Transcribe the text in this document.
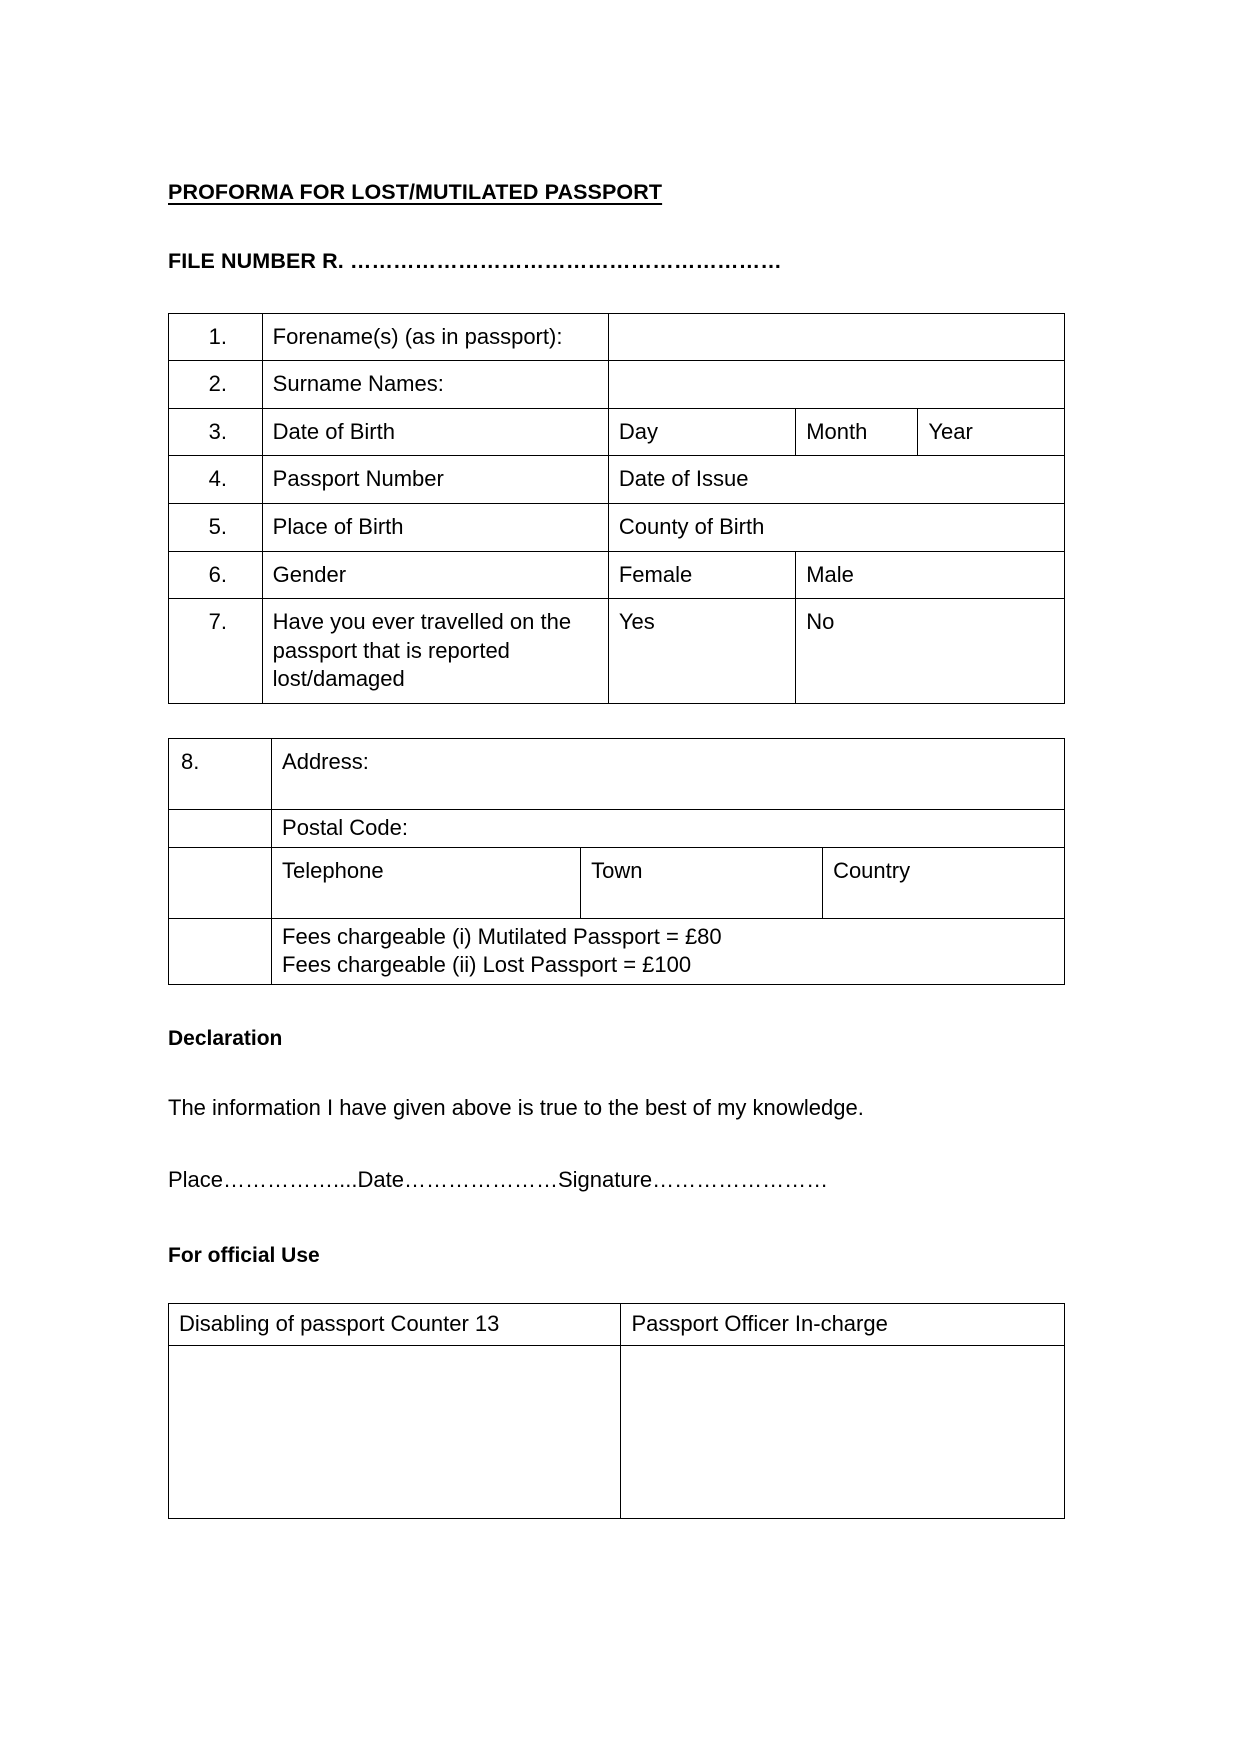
PROFORMA FOR LOST/MUTILATED PASSPORT
FILE NUMBER R. ……………………………………………………
1.	Forename(s) (as in passport):			
2.	Surname Names:			
3.	Date of Birth	Day	Month	Year
4.	Passport Number	Date of Issue		
5.	Place of Birth	County of Birth		
6.	Gender	Female	Male	
7.	Have you ever travelled on the passport that is reported lost/damaged	Yes	No	
8.	Address:		
	Postal Code:		
	Telephone	Town	Country

	Fees chargeable (i) Mutilated Passport = £80
Fees chargeable (ii) Lost Passport = £100		
Declaration

The information I have given above is true to the best of my knowledge.

Place……………....Date…………………Signature……………………

For official Use
Disabling of passport Counter 13	Passport Officer In-charge
